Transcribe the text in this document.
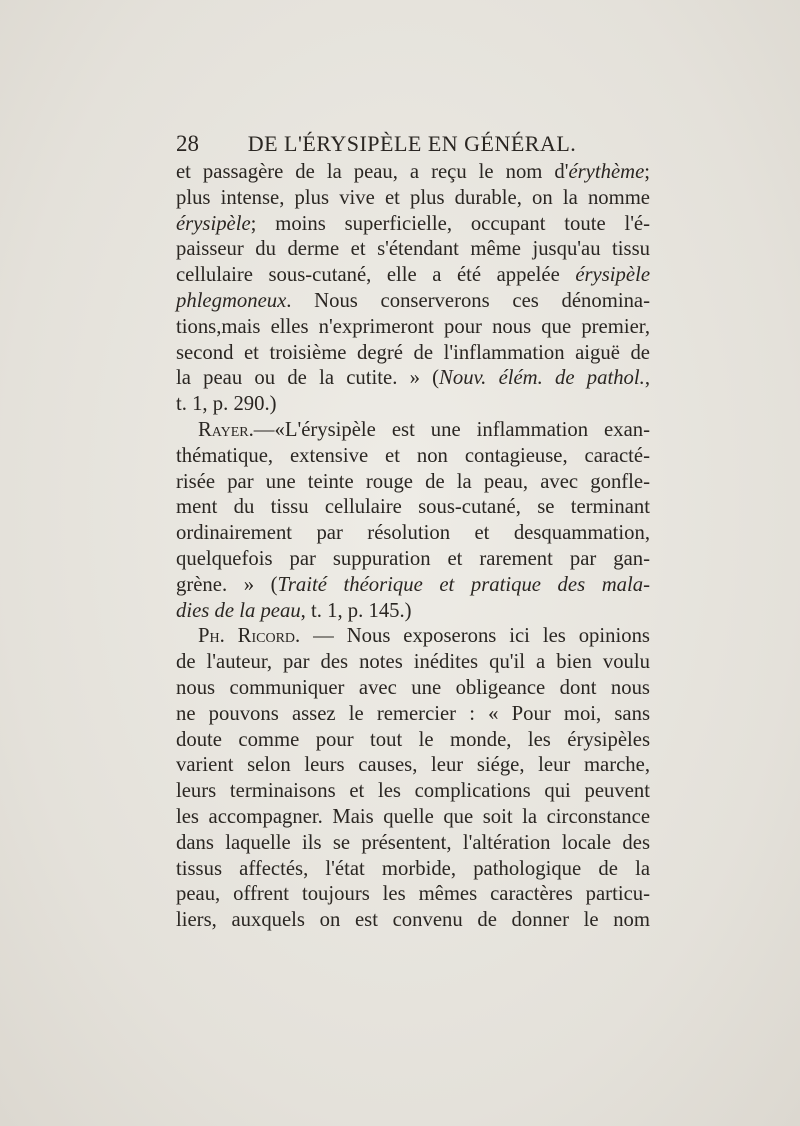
28	DE L'ÉRYSIPÈLE EN GÉNÉRAL.
et passagère de la peau, a reçu le nom d'érythème;
plus intense, plus vive et plus durable, on la nomme
érysipèle; moins superficielle, occupant toute l'é-
paisseur du derme et s'étendant même jusqu'au tissu
cellulaire sous-cutané, elle a été appelée érysipèle
phlegmoneux. Nous conserverons ces dénomina-
tions,mais elles n'exprimeront pour nous que premier,
second et troisième degré de l'inflammation aiguë de
la peau ou de la cutite. » (Nouv. élém. de pathol.,
t. 1, p. 290.)
Rayer.—«L'érysipèle est une inflammation exan-
thématique, extensive et non contagieuse, caracté-
risée par une teinte rouge de la peau, avec gonfle-
ment du tissu cellulaire sous-cutané, se terminant
ordinairement par résolution et desquammation,
quelquefois par suppuration et rarement par gan-
grène. » (Traité théorique et pratique des mala-
dies de la peau, t. 1, p. 145.)
Ph. Ricord. — Nous exposerons ici les opinions
de l'auteur, par des notes inédites qu'il a bien voulu
nous communiquer avec une obligeance dont nous
ne pouvons assez le remercier : « Pour moi, sans
doute comme pour tout le monde, les érysipèles
varient selon leurs causes, leur siége, leur marche,
leurs terminaisons et les complications qui peuvent
les accompagner. Mais quelle que soit la circonstance
dans laquelle ils se présentent, l'altération locale des
tissus affectés, l'état morbide, pathologique de la
peau, offrent toujours les mêmes caractères particu-
liers, auxquels on est convenu de donner le nom
